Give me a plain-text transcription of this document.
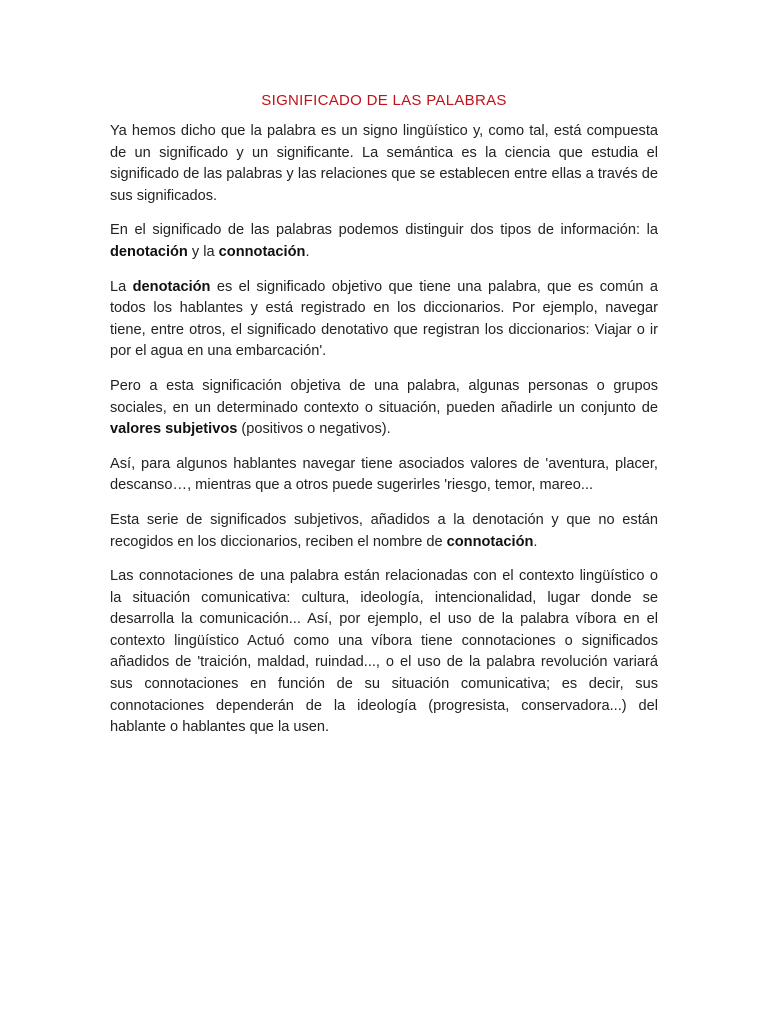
SIGNIFICADO DE LAS PALABRAS

Ya hemos dicho que la palabra es un signo lingüístico y, como tal, está compuesta de un significado y un significante. La semántica es la ciencia que estudia el significado de las palabras y las relaciones que se establecen entre ellas a través de sus significados.

En el significado de las palabras podemos distinguir dos tipos de información: la denotación y la connotación.

La denotación es el significado objetivo que tiene una palabra, que es común a todos los hablantes y está registrado en los diccionarios. Por ejemplo, navegar tiene, entre otros, el significado denotativo que registran los diccionarios: Viajar o ir por el agua en una embarcación'.

Pero a esta significación objetiva de una palabra, algunas personas o grupos sociales, en un determinado contexto o situación, pueden añadirle un conjunto de valores subjetivos (positivos o negativos).

Así, para algunos hablantes navegar tiene asociados valores de 'aventura, placer, descanso…, mientras que a otros puede sugerirles 'riesgo, temor, mareo...

Esta serie de significados subjetivos, añadidos a la denotación y que no están recogidos en los diccionarios, reciben el nombre de connotación.

Las connotaciones de una palabra están relacionadas con el contexto lingüístico o la situación comunicativa: cultura, ideología, intencionalidad, lugar donde se desarrolla la comunicación... Así, por ejemplo, el uso de la palabra víbora en el contexto lingüístico Actuó como una víbora tiene connotaciones o significados añadidos de 'traición, maldad, ruindad..., o el uso de la palabra revolución variará sus connotaciones en función de su situación comunicativa; es decir, sus connotaciones dependerán de la ideología (progresista, conservadora...) del hablante o hablantes que la usen.
